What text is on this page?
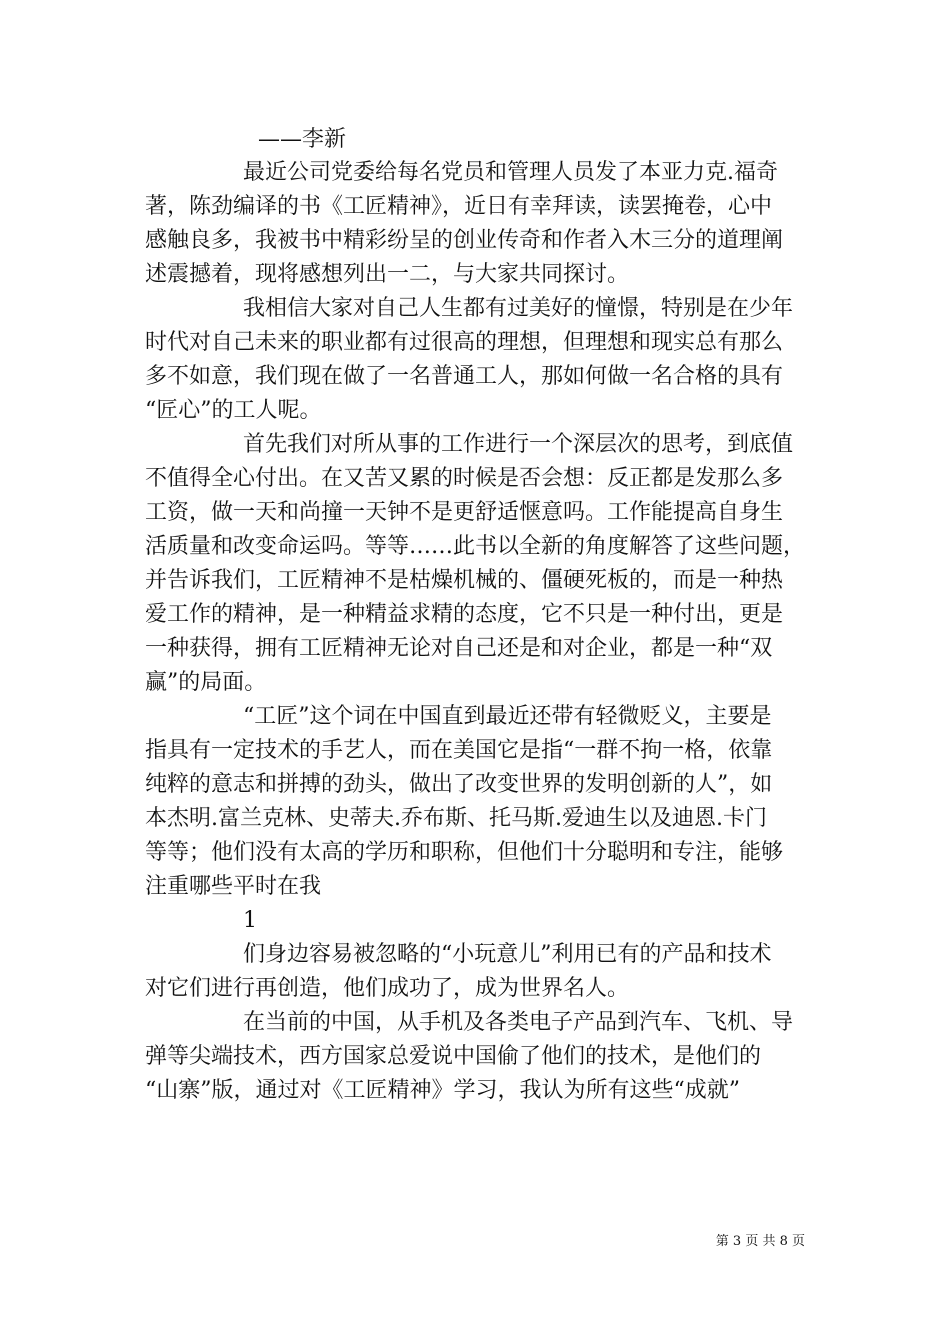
——李新

最近公司党委给每名党员和管理人员发了本亚力克.福奇
著，陈劲编译的书《工匠精神》，近日有幸拜读，读罢掩卷，心中
感触良多，我被书中精彩纷呈的创业传奇和作者入木三分的道理阐
述震撼着，现将感想列出一二，与大家共同探讨。

我相信大家对自己人生都有过美好的憧憬，特别是在少年
时代对自己未来的职业都有过很高的理想，但理想和现实总有那么
多不如意，我们现在做了一名普通工人，那如何做一名合格的具有
“匠心”的工人呢。

首先我们对所从事的工作进行一个深层次的思考，到底值
不值得全心付出。在又苦又累的时候是否会想：反正都是发那么多
工资，做一天和尚撞一天钟不是更舒适惬意吗。工作能提高自身生
活质量和改变命运吗。等等……此书以全新的角度解答了这些问题，
并告诉我们，工匠精神不是枯燥机械的、僵硬死板的，而是一种热
爱工作的精神，是一种精益求精的态度，它不只是一种付出，更是
一种获得，拥有工匠精神无论对自己还是和对企业，都是一种“双
赢”的局面。

“工匠”这个词在中国直到最近还带有轻微贬义，主要是
指具有一定技术的手艺人，而在美国它是指“一群不拘一格，依靠
纯粹的意志和拼搏的劲头，做出了改变世界的发明创新的人”，如
本杰明.富兰克林、史蒂夫.乔布斯、托马斯.爱迪生以及迪恩.卡门
等等；他们没有太高的学历和职称，但他们十分聪明和专注，能够
注重哪些平时在我

1

们身边容易被忽略的“小玩意儿”利用已有的产品和技术
对它们进行再创造，他们成功了，成为世界名人。

在当前的中国，从手机及各类电子产品到汽车、飞机、导
弹等尖端技术，西方国家总爱说中国偷了他们的技术，是他们的
“山寨”版，通过对《工匠精神》学习，我认为所有这些“成就”

第 3 页 共 8 页
